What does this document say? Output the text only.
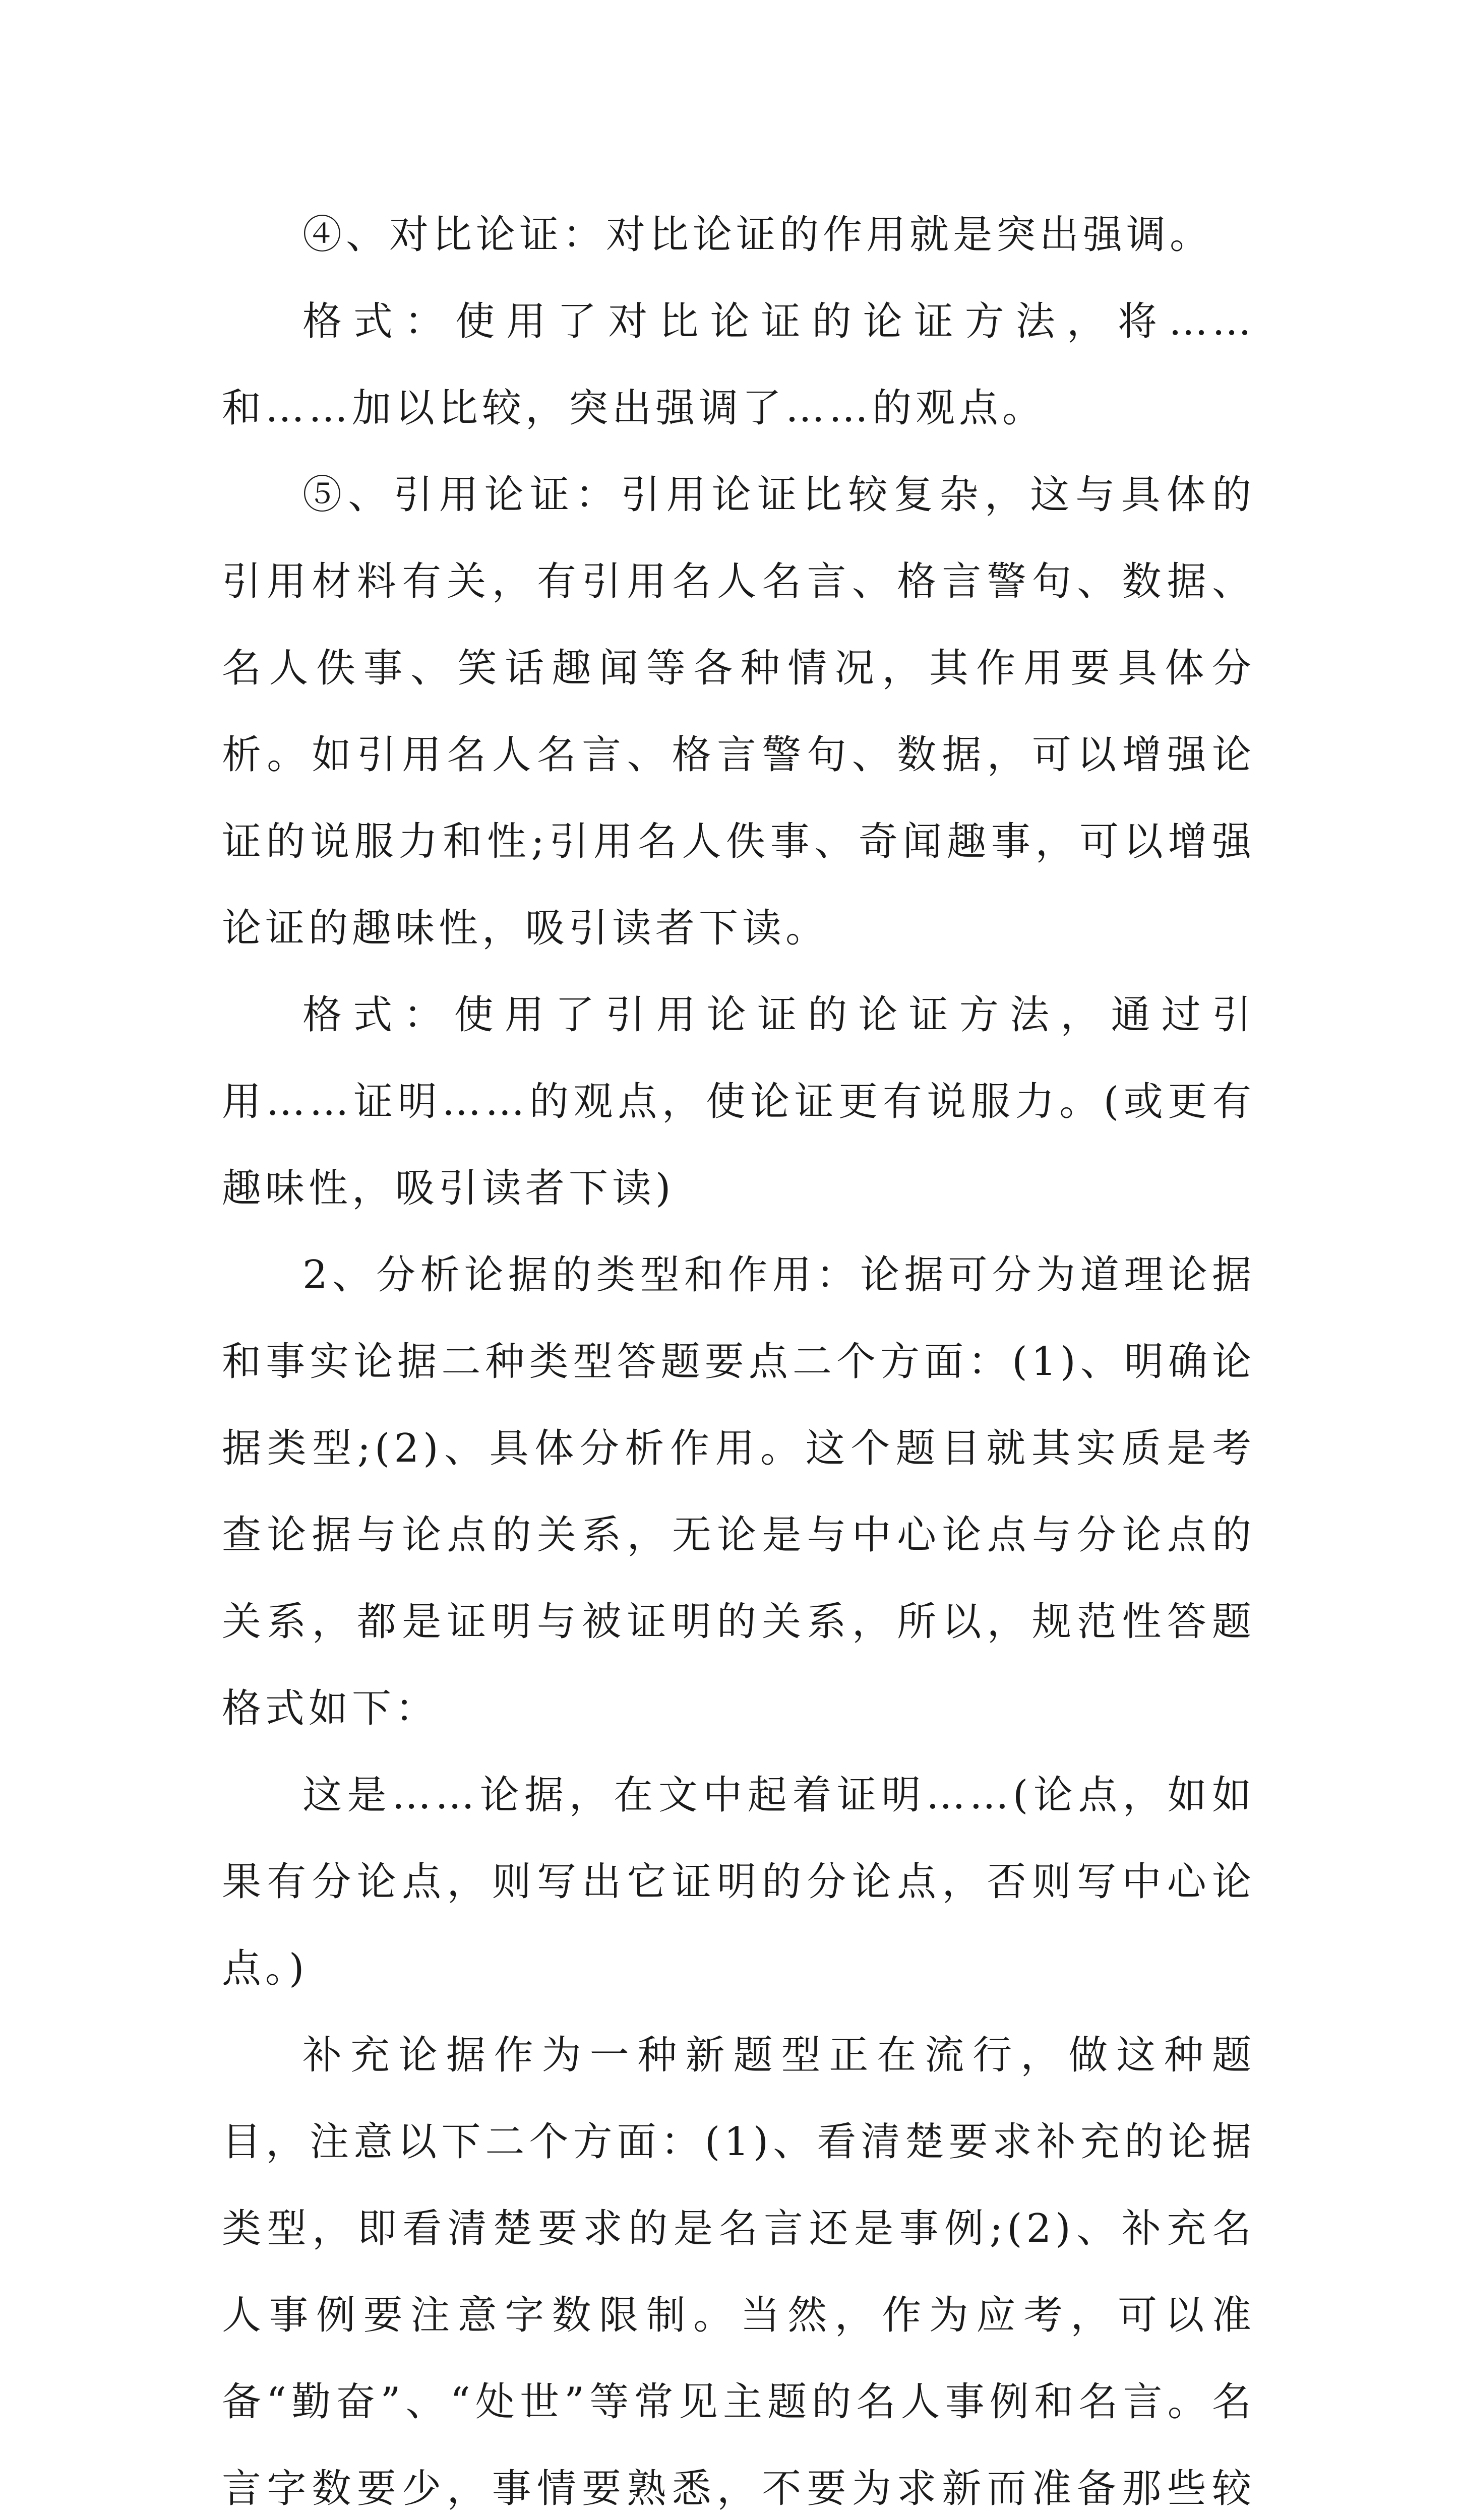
④、对比论证：对比论证的作用就是突出强调。

格式：使用了对比论证的论证方法，将……和……加以比较，突出强调了……的观点。

⑤、引用论证：引用论证比较复杂，这与具体的引用材料有关，有引用名人名言、格言警句、数据、名人佚事、笑话趣闻等各种情况，其作用要具体分析。如引用名人名言、格言警句、数据，可以增强论证的说服力和性;引用名人佚事、奇闻趣事，可以增强论证的趣味性，吸引读者下读。

格式：使用了引用论证的论证方法，通过引用……证明……的观点，使论证更有说服力。(或更有趣味性，吸引读者下读)

2、分析论据的类型和作用：论据可分为道理论据和事实论据二种类型答题要点二个方面：(1)、明确论据类型;(2)、具体分析作用。这个题目就其实质是考查论据与论点的关系，无论是与中心论点与分论点的关系，都是证明与被证明的关系，所以，规范性答题格式如下：

这是……论据，在文中起着证明……(论点，如如果有分论点，则写出它证明的分论点，否则写中心论点。)

补充论据作为一种新题型正在流行，做这种题目，注意以下二个方面：(1)、看清楚要求补充的论据类型，即看清楚要求的是名言还是事例;(2)、补充名人事例要注意字数限制。当然，作为应考，可以准备“勤奋”、“处世”等常见主题的名人事例和名言。名言字数要少，事情要熟悉，不要为求新而准备那些较
